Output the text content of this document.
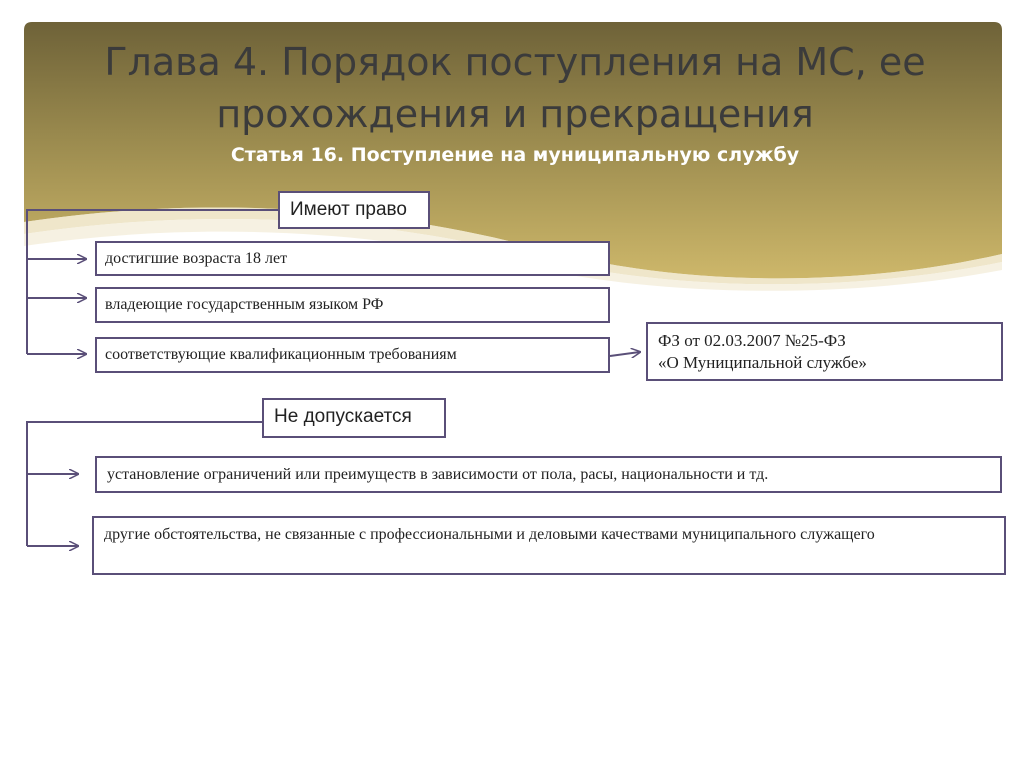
Глава 4. Порядок поступления на МС, ее
прохождения и прекращения
Статья 16. Поступление на муниципальную службу
Имеют право
достигшие возраста 18 лет
владеющие государственным языком РФ
соответствующие квалификационным требованиям
ФЗ от 02.03.2007 №25-ФЗ
«О Муниципальной службе»
Не допускается
установление ограничений или преимуществ в зависимости от пола, расы, национальности и тд.
другие обстоятельства, не связанные с профессиональными и деловыми качествами муниципального служащего
